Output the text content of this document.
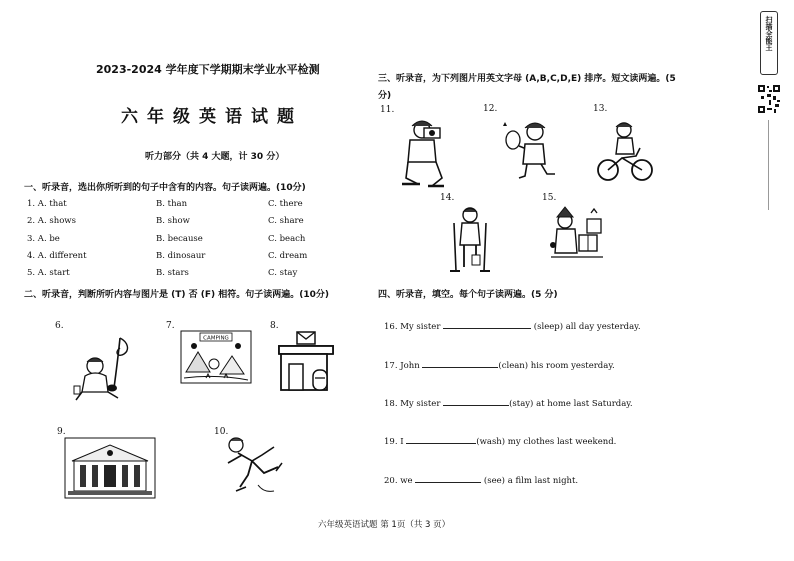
2023-2024 学年度下学期期末学业水平检测
六年级英语试题
听力部分（共 4 大题，计 30 分）
一、听录音，选出你所听到的句子中含有的内容。句子读两遍。(10分)
1. A. that	B. than	C. there
2. A. shows	B. show	C. share
3. A. be	B. because	C. beach
4. A. different	B. dinosaur	C. dream
5. A. start	B. stars	C. stay
二、听录音，判断所听内容与图片是 (T) 否 (F) 相符。句子读两遍。(10分)
6.	7.	8.
9.	10.
CAMPING
三、听录音，为下列图片用英文字母 (A,B,C,D,E) 排序。短文读两遍。(5
分)
11.	12.	13.
14.	15.
四、听录音，填空。每个句子读两遍。(5 分)
16. My sister	(sleep) all day yesterday.
17. John	(clean) his room yesterday.
18. My sister	(stay) at home last Saturday.
19. I	(wash) my clothes last weekend.
20. we	(see) a film last night.
六年级英语试题 第 1页（共 3 页）
扫描全能王
